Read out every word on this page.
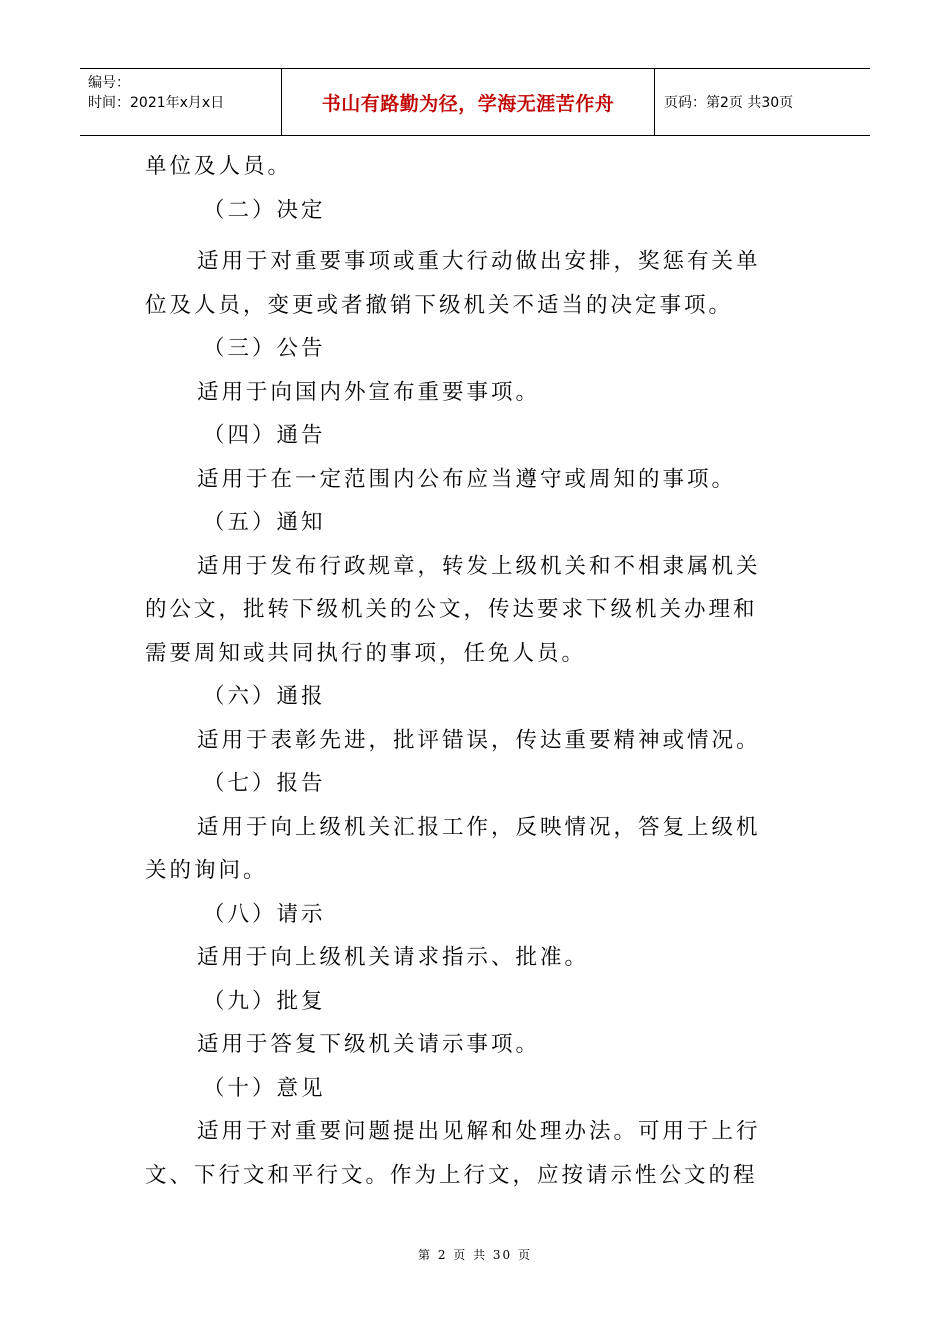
编号：
时间：2021年x月x日	书山有路勤为径，学海无涯苦作舟	页码：第2页 共30页
单位及人员。
（二）决定
适用于对重要事项或重大行动做出安排，奖惩有关单
位及人员，变更或者撤销下级机关不适当的决定事项。
（三）公告
适用于向国内外宣布重要事项。
（四）通告
适用于在一定范围内公布应当遵守或周知的事项。
（五）通知
适用于发布行政规章，转发上级机关和不相隶属机关
的公文，批转下级机关的公文，传达要求下级机关办理和
需要周知或共同执行的事项，任免人员。
（六）通报
适用于表彰先进，批评错误，传达重要精神或情况。
（七）报告
适用于向上级机关汇报工作，反映情况，答复上级机
关的询问。
（八）请示
适用于向上级机关请求指示、批准。
（九）批复
适用于答复下级机关请示事项。
（十）意见
适用于对重要问题提出见解和处理办法。可用于上行
文、下行文和平行文。作为上行文，应按请示性公文的程
第 2 页 共 30 页
